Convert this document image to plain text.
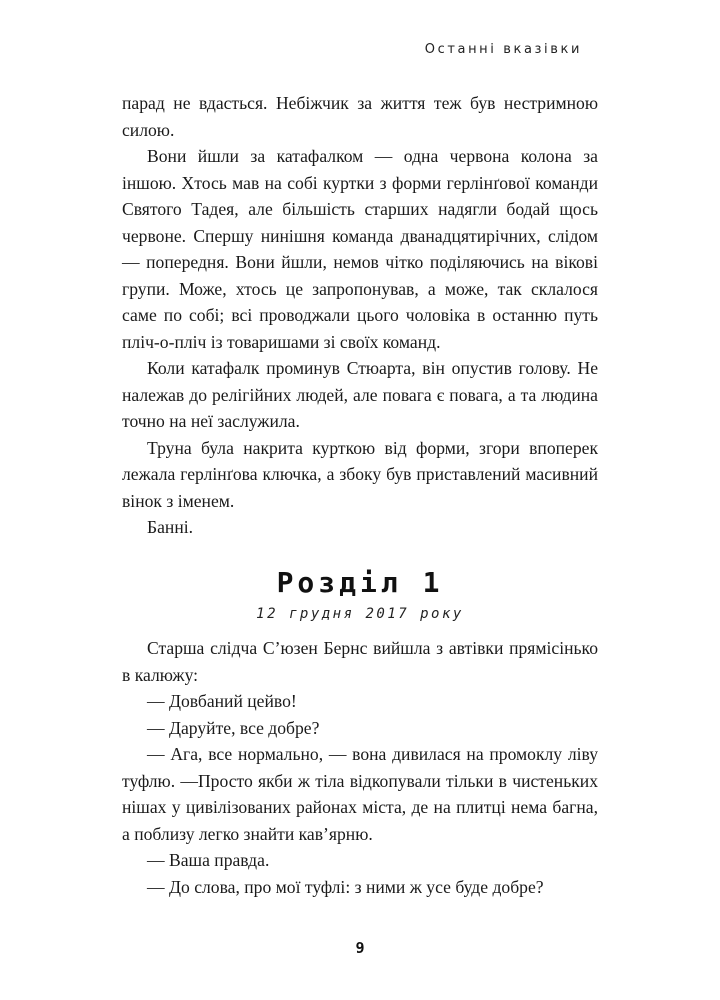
Останні вказівки

парад не вдасться. Небіжчик за життя теж був нестримною силою.

Вони йшли за катафалком — одна червона колона за іншою. Хтось мав на собі куртки з форми герлінґової команди Святого Тадея, але більшість старших надягли бодай щось червоне. Спершу нинішня команда дванадцятирічних, слідом — попередня. Вони йшли, немов чітко поділяючись на вікові групи. Може, хтось це запропонував, а може, так склалося саме по собі; всі проводжали цього чоловіка в останню путь пліч-о-пліч із товаришами зі своїх команд.

Коли катафалк проминув Стюарта, він опустив голову. Не належав до релігійних людей, але повага є повага, а та людина точно на неї заслужила.

Труна була накрита курткою від форми, згори впоперек лежала герлінґова ключка, а збоку був приставлений масивний вінок з іменем.

Банні.

Розділ 1
12 грудня 2017 року

Старша слідча С’юзен Бернс вийшла з автівки прямісінько в калюжу:

— Довбаний цейво!

— Даруйте, все добре?

— Ага, все нормально, — вона дивилася на промоклу ліву туфлю. —Просто якби ж тіла відкопували тільки в чистеньких нішах у цивілізованих районах міста, де на плитці нема багна, а поблизу легко знайти кав’ярню.

— Ваша правда.

— До слова, про мої туфлі: з ними ж усе буде добре?

9
